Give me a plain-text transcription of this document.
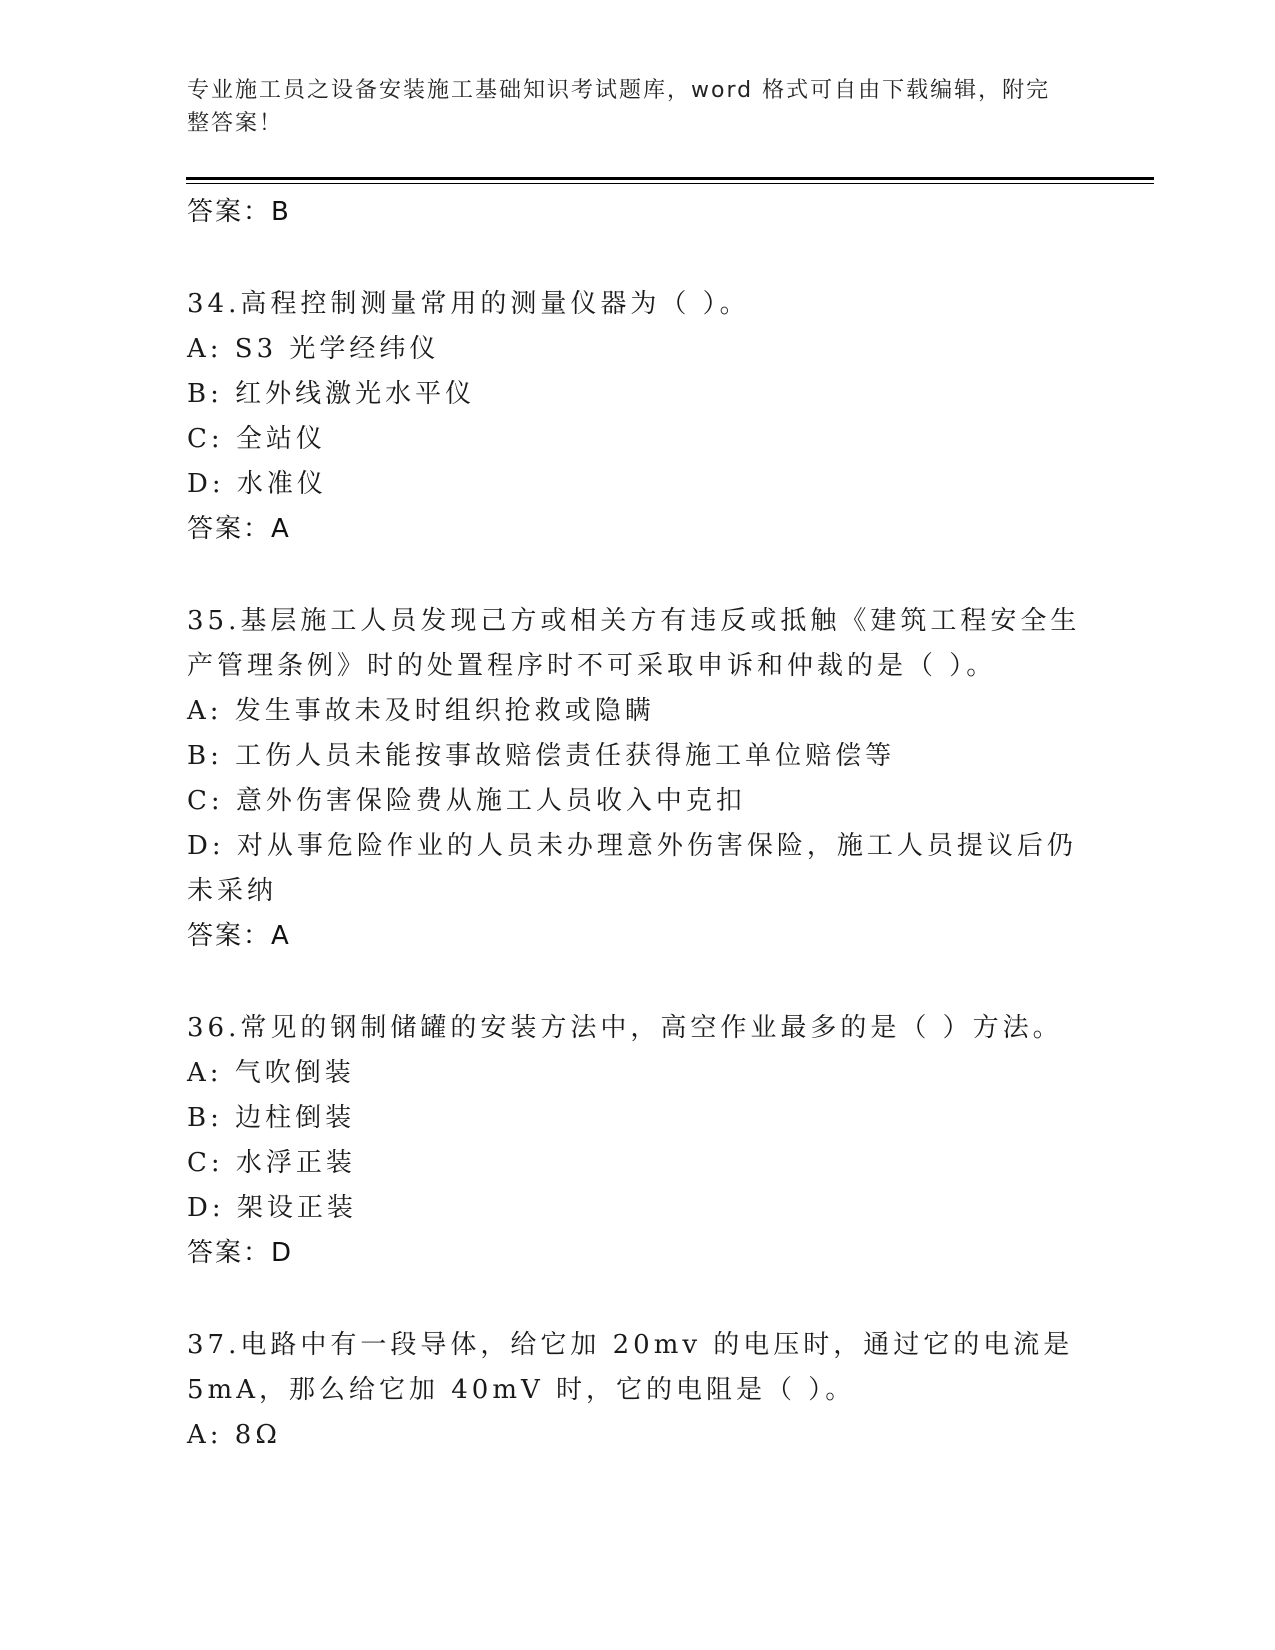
专业施工员之设备安装施工基础知识考试题库，word 格式可自由下载编辑，附完整答案！
答案：B
34.高程控制测量常用的测量仪器为（ ）。
A: S3 光学经纬仪
B: 红外线激光水平仪
C: 全站仪
D: 水准仪
答案：A
35.基层施工人员发现己方或相关方有违反或抵触《建筑工程安全生产管理条例》时的处置程序时不可采取申诉和仲裁的是（ ）。
A: 发生事故未及时组织抢救或隐瞒
B: 工伤人员未能按事故赔偿责任获得施工单位赔偿等
C: 意外伤害保险费从施工人员收入中克扣
D: 对从事危险作业的人员未办理意外伤害保险，施工人员提议后仍未采纳
答案：A
36.常见的钢制储罐的安装方法中，高空作业最多的是（ ）方法。
A: 气吹倒装
B: 边柱倒装
C: 水浮正装
D: 架设正装
答案：D
37.电路中有一段导体，给它加 20mv 的电压时，通过它的电流是 5mA，那么给它加 40mV 时，它的电阻是（ ）。
A: 8Ω
